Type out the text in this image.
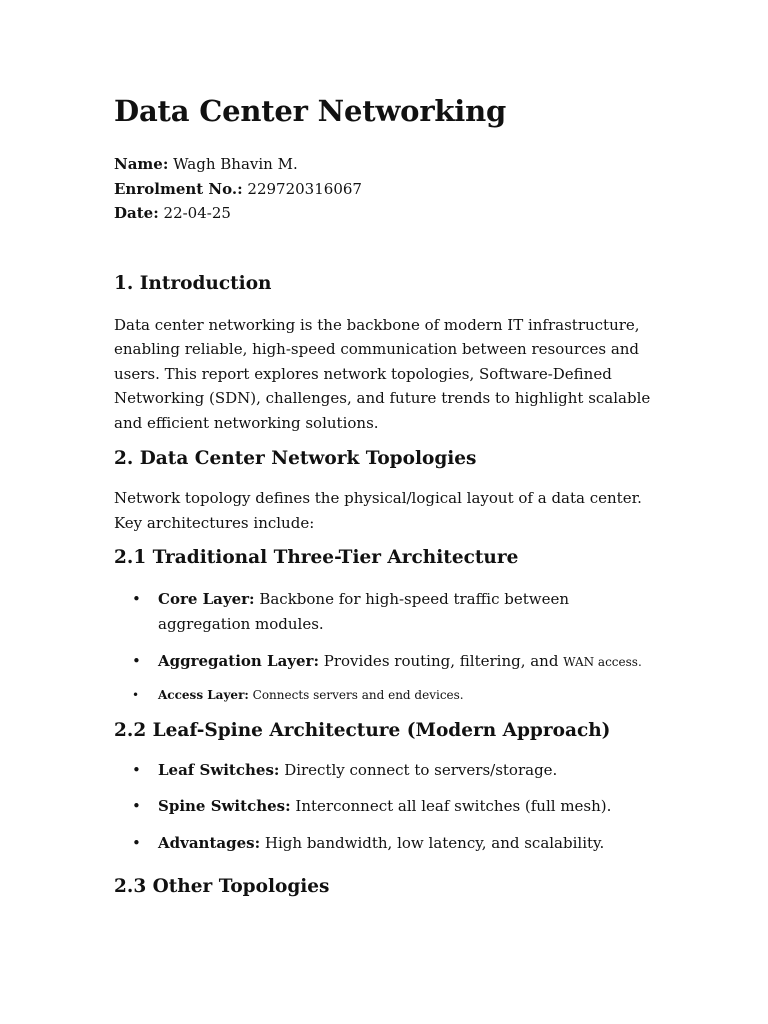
Data Center Networking
Name: Wagh Bhavin M.
Enrolment No.: 229720316067
Date: 22-04-25
1. Introduction

Data center networking is the backbone of modern IT infrastructure, enabling reliable, high-speed communication between resources and users. This report explores network topologies, Software-Defined Networking (SDN), challenges, and future trends to highlight scalable and efficient networking solutions.

2. Data Center Network Topologies

Network topology defines the physical/logical layout of a data center. Key architectures include:

2.1 Traditional Three-Tier Architecture
• Core Layer: Backbone for high-speed traffic between aggregation modules.
• Aggregation Layer: Provides routing, filtering, and WAN access.
• Access Layer: Connects servers and end devices.
2.2 Leaf-Spine Architecture (Modern Approach)
• Leaf Switches: Directly connect to servers/storage.
• Spine Switches: Interconnect all leaf switches (full mesh).
• Advantages: High bandwidth, low latency, and scalability.
2.3 Other Topologies
